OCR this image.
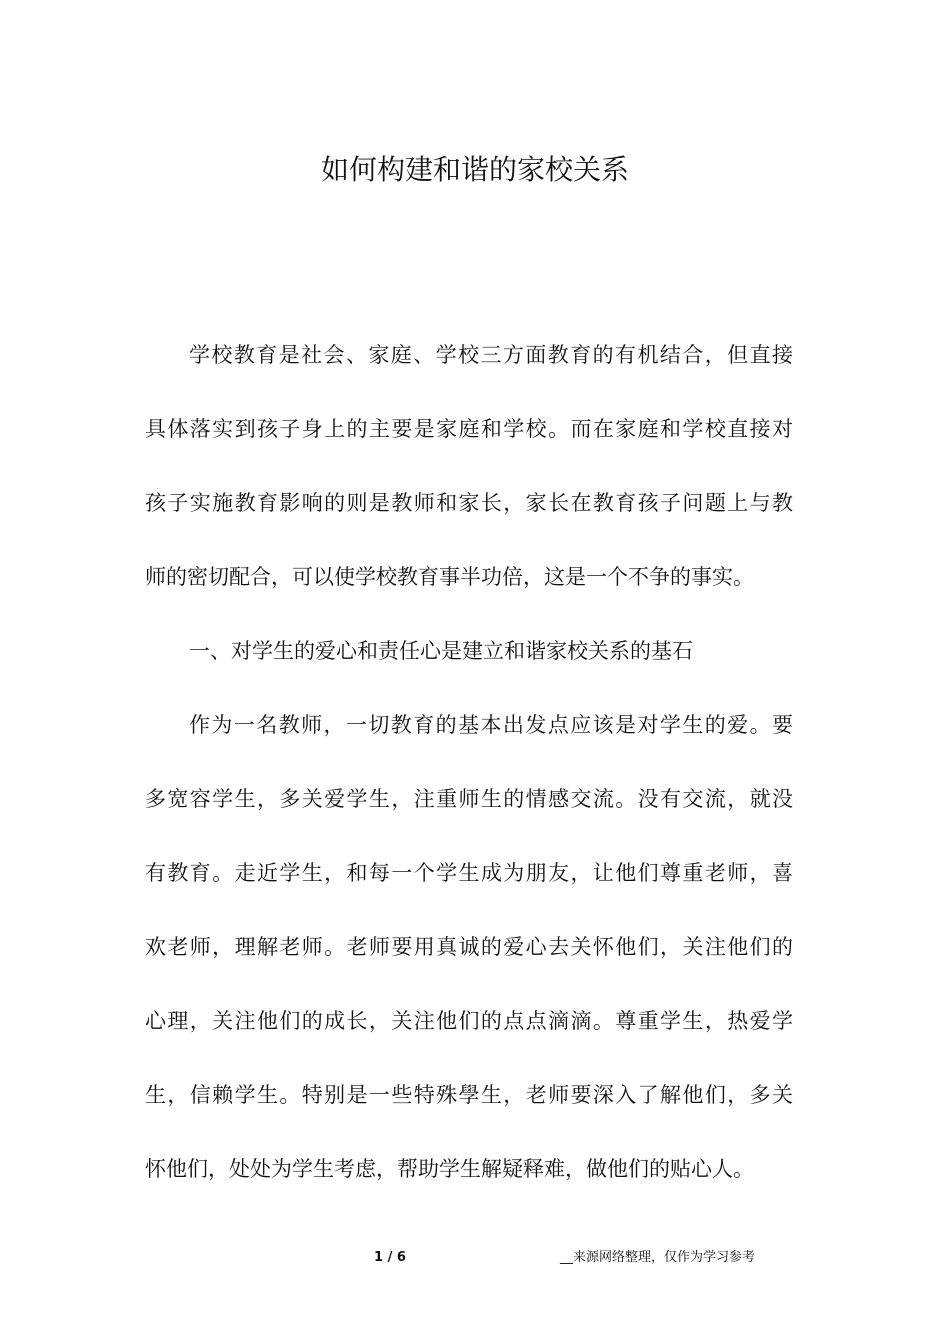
如何构建和谐的家校关系
学校教育是社会、家庭、学校三方面教育的有机结合，但直接
具体落实到孩子身上的主要是家庭和学校。而在家庭和学校直接对
孩子实施教育影响的则是教师和家长，家长在教育孩子问题上与教
师的密切配合，可以使学校教育事半功倍，这是一个不争的事实。
一、对学生的爱心和责任心是建立和谐家校关系的基石
作为一名教师，一切教育的基本出发点应该是对学生的爱。要
多宽容学生，多关爱学生，注重师生的情感交流。没有交流，就没
有教育。走近学生，和每一个学生成为朋友，让他们尊重老师，喜
欢老师，理解老师。老师要用真诚的爱心去关怀他们，关注他们的
心理，关注他们的成长，关注他们的点点滴滴。尊重学生，热爱学
生，信赖学生。特别是一些特殊學生，老师要深入了解他们，多关
怀他们，处处为学生考虑，帮助学生解疑释难，做他们的贴心人。
1 / 6	__来源网络整理，仅作为学习参考
